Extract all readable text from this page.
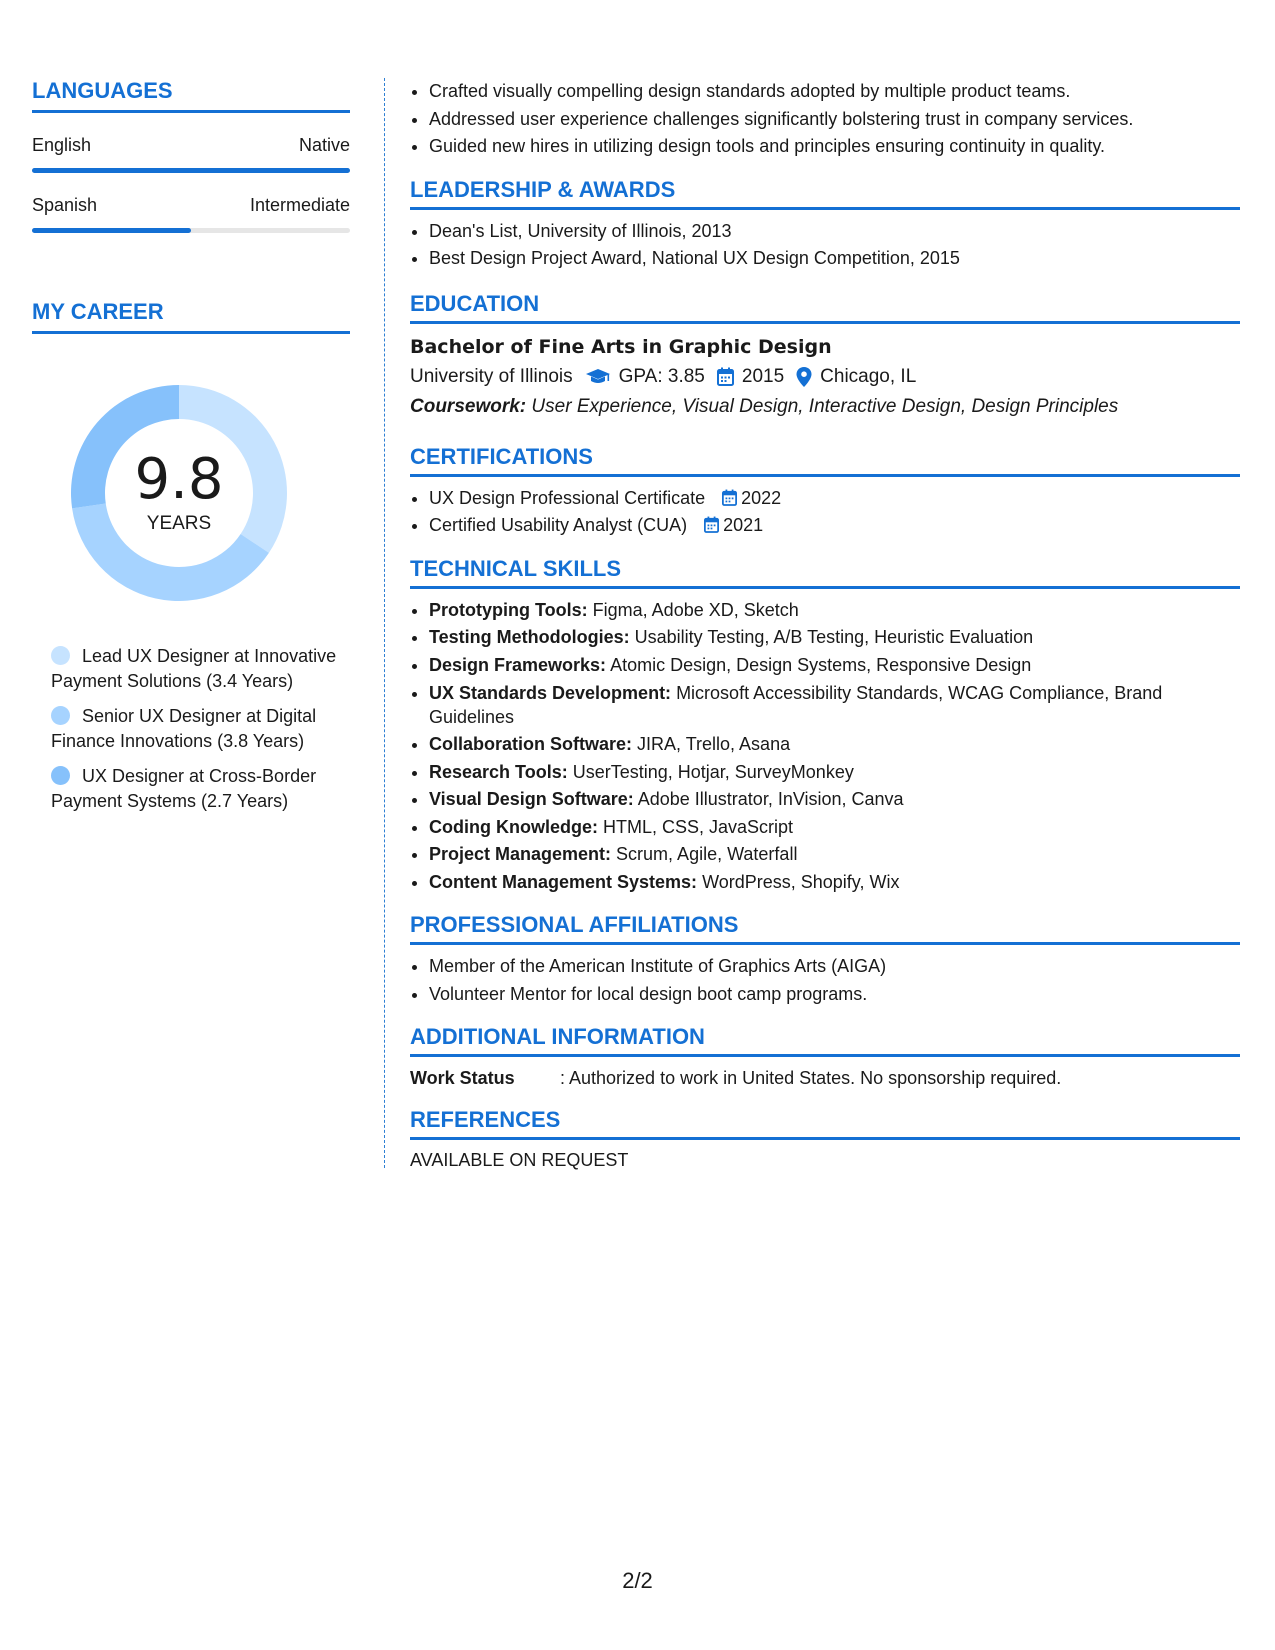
LANGUAGES
English	Native
Spanish	Intermediate
MY CAREER
9.8
YEARS
Lead UX Designer at Innovative Payment Solutions (3.4 Years)
Senior UX Designer at Digital Finance Innovations (3.8 Years)
UX Designer at Cross-Border Payment Systems (2.7 Years)
• Crafted visually compelling design standards adopted by multiple product teams.
• Addressed user experience challenges significantly bolstering trust in company services.
• Guided new hires in utilizing design tools and principles ensuring continuity in quality.
LEADERSHIP & AWARDS
• Dean's List, University of Illinois, 2013
• Best Design Project Award, National UX Design Competition, 2015
EDUCATION
Bachelor of Fine Arts in Graphic Design
University of Illinois GPA: 3.85 2015 Chicago, IL
Coursework: User Experience, Visual Design, Interactive Design, Design Principles
CERTIFICATIONS
• UX Design Professional Certificate 2022
• Certified Usability Analyst (CUA) 2021
TECHNICAL SKILLS
• Prototyping Tools: Figma, Adobe XD, Sketch
• Testing Methodologies: Usability Testing, A/B Testing, Heuristic Evaluation
• Design Frameworks: Atomic Design, Design Systems, Responsive Design
• UX Standards Development: Microsoft Accessibility Standards, WCAG Compliance, Brand Guidelines
• Collaboration Software: JIRA, Trello, Asana
• Research Tools: UserTesting, Hotjar, SurveyMonkey
• Visual Design Software: Adobe Illustrator, InVision, Canva
• Coding Knowledge: HTML, CSS, JavaScript
• Project Management: Scrum, Agile, Waterfall
• Content Management Systems: WordPress, Shopify, Wix
PROFESSIONAL AFFILIATIONS
• Member of the American Institute of Graphics Arts (AIGA)
• Volunteer Mentor for local design boot camp programs.
ADDITIONAL INFORMATION
Work Status	: Authorized to work in United States. No sponsorship required.
REFERENCES
AVAILABLE ON REQUEST
2/2
